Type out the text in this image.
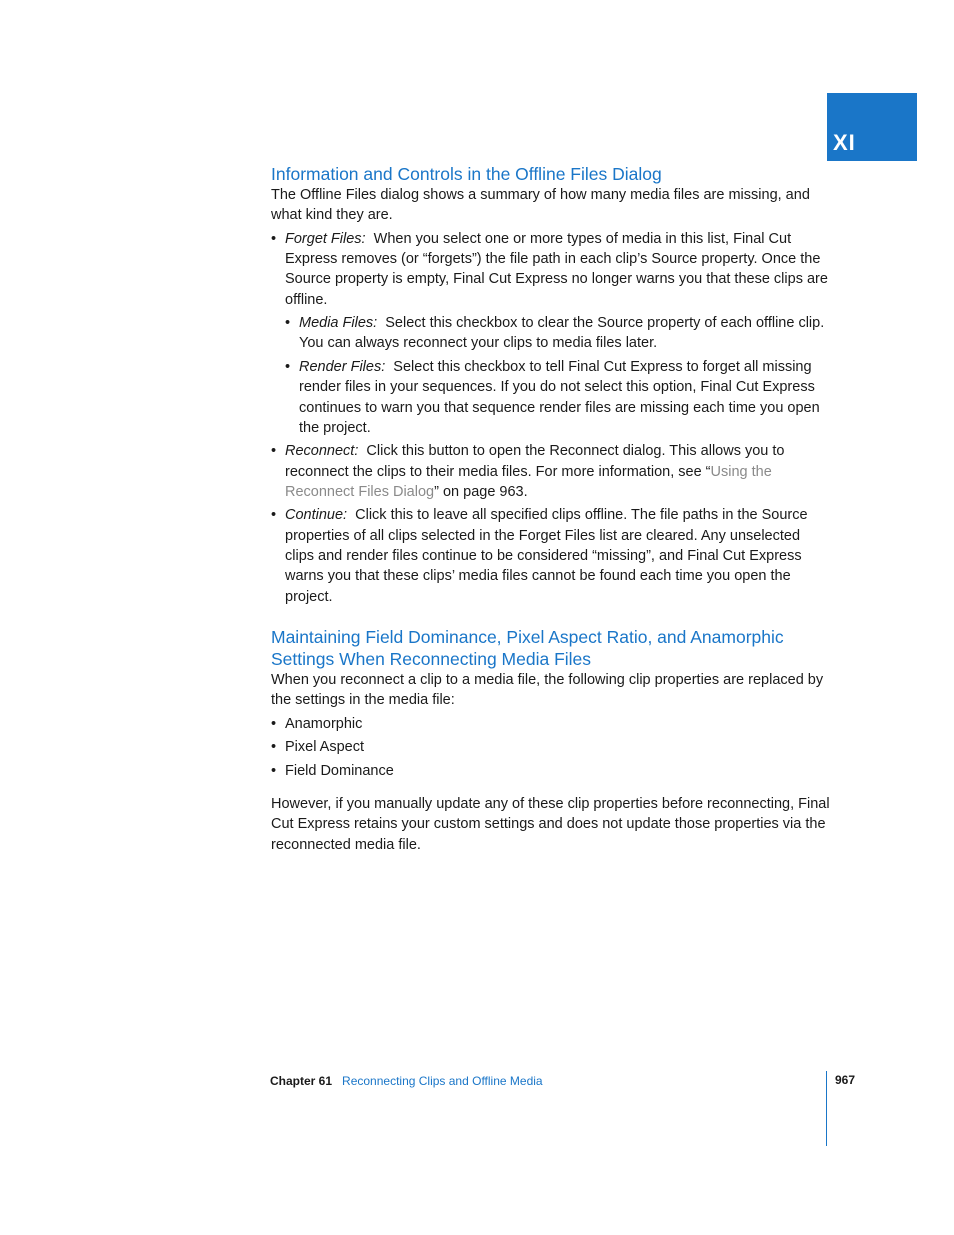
XI
Information and Controls in the Offline Files Dialog

The Offline Files dialog shows a summary of how many media files are missing, and what kind they are.

• Forget Files: When you select one or more types of media in this list, Final Cut Express removes (or “forgets”) the file path in each clip’s Source property. Once the Source property is empty, Final Cut Express no longer warns you that these clips are offline.

• Media Files: Select this checkbox to clear the Source property of each offline clip. You can always reconnect your clips to media files later.

• Render Files: Select this checkbox to tell Final Cut Express to forget all missing render files in your sequences. If you do not select this option, Final Cut Express continues to warn you that sequence render files are missing each time you open the project.

• Reconnect: Click this button to open the Reconnect dialog. This allows you to reconnect the clips to their media files. For more information, see “Using the Reconnect Files Dialog” on page 963.

• Continue: Click this to leave all specified clips offline. The file paths in the Source properties of all clips selected in the Forget Files list are cleared. Any unselected clips and render files continue to be considered “missing”, and Final Cut Express warns you that these clips’ media files cannot be found each time you open the project.

Maintaining Field Dominance, Pixel Aspect Ratio, and Anamorphic Settings When Reconnecting Media Files

When you reconnect a clip to a media file, the following clip properties are replaced by the settings in the media file:

• Anamorphic

• Pixel Aspect

• Field Dominance

However, if you manually update any of these clip properties before reconnecting, Final Cut Express retains your custom settings and does not update those properties via the reconnected media file.

Chapter 61 Reconnecting Clips and Offline Media	967
